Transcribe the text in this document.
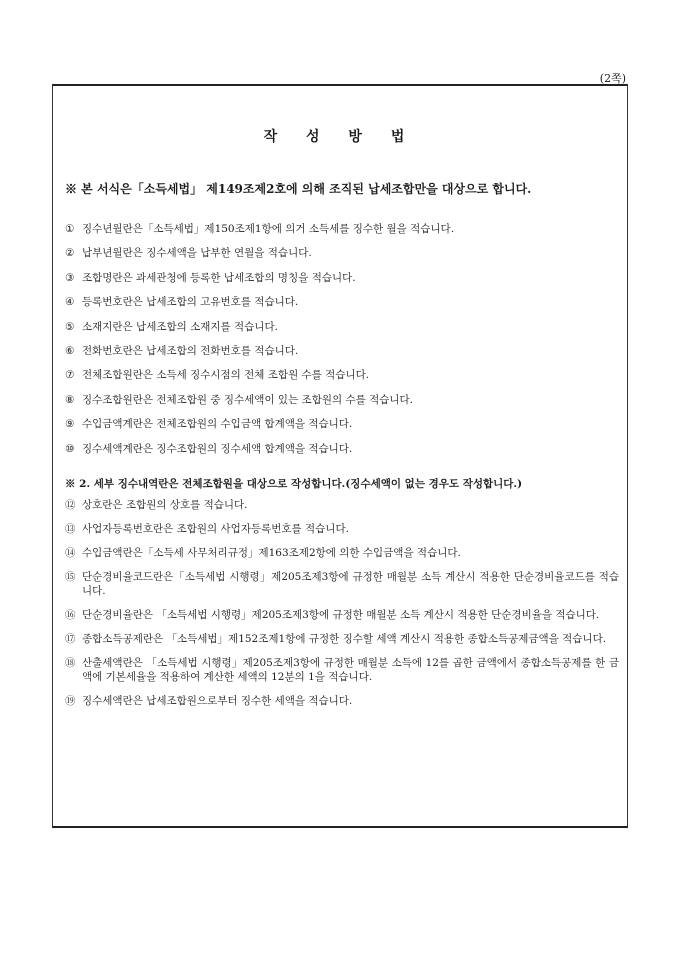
(2쪽)
작 성 방 법
※ 본 서식은「소득세법」 제149조제2호에 의해 조직된 납세조합만을 대상으로 합니다.
① 징수년월란은「소득세법」제150조제1항에 의거 소득세를 징수한 월을 적습니다.
② 납부년월란은 징수세액을 납부한 연월을 적습니다.
③ 조합명란은 과세관청에 등록한 납세조합의 명칭을 적습니다.
④ 등록번호란은 납세조합의 고유번호를 적습니다.
⑤ 소재지란은 납세조합의 소재지를 적습니다.
⑥ 전화번호란은 납세조합의 전화번호를 적습니다.
⑦ 전체조합원란은 소득세 징수시점의 전체 조합원 수를 적습니다.
⑧ 징수조합원란은 전체조합원 중 징수세액이 있는 조합원의 수를 적습니다.
⑨ 수입금액계란은 전체조합원의 수입금액 합계액을 적습니다.
⑩ 징수세액계란은 징수조합원의 징수세액 합계액을 적습니다.
※ 2. 세부 징수내역란은 전체조합원을 대상으로 작성합니다.(징수세액이 없는 경우도 작성합니다.)
⑫ 상호란은 조합원의 상호를 적습니다.
⑬ 사업자등록번호란은 조합원의 사업자등록번호를 적습니다.
⑭ 수입금액란은「소득세 사무처리규정」제163조제2항에 의한 수입금액을 적습니다.
⑮ 단순경비율코드란은「소득세법 시행령」제205조제3항에 규정한 매월분 소득 계산시 적용한 단순경비율코드를 적습니다.
⑯ 단순경비율란은 「소득세법 시행령」제205조제3항에 규정한 매월분 소득 계산시 적용한 단순경비율을 적습니다.
⑰ 종합소득공제란은 「소득세법」제152조제1항에 규정한 징수할 세액 계산시 적용한 종합소득공제금액을 적습니다.
⑱ 산출세액란은 「소득세법 시행령」제205조제3항에 규정한 매월분 소득에 12를 곱한 금액에서 종합소득공제를 한 금액에 기본세율을 적용하여 계산한 세액의 12분의 1을 적습니다.
⑲ 징수세액란은 납세조합원으로부터 징수한 세액을 적습니다.
